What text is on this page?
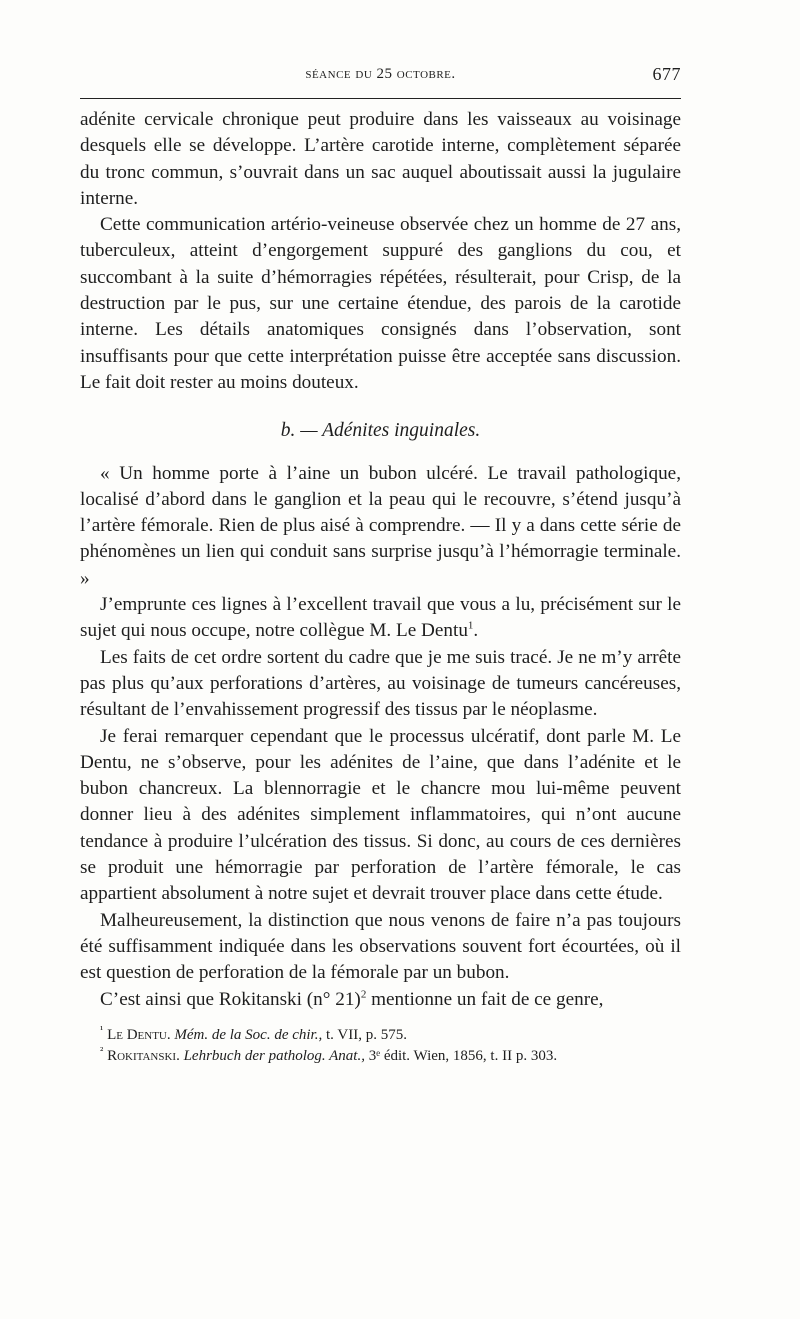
séance du 25 octobre.	677

adénite cervicale chronique peut produire dans les vaisseaux au voisinage desquels elle se développe. L’artère carotide interne, complètement séparée du tronc commun, s’ouvrait dans un sac auquel aboutissait aussi la jugulaire interne.

Cette communication artério-veineuse observée chez un homme de 27 ans, tuberculeux, atteint d’engorgement suppuré des ganglions du cou, et succombant à la suite d’hémorragies répétées, résulterait, pour Crisp, de la destruction par le pus, sur une certaine étendue, des parois de la carotide interne. Les détails anatomiques consignés dans l’observation, sont insuffisants pour que cette interprétation puisse être acceptée sans discussion. Le fait doit rester au moins douteux.

b. — Adénites inguinales.

« Un homme porte à l’aine un bubon ulcéré. Le travail pathologique, localisé d’abord dans le ganglion et la peau qui le recouvre, s’étend jusqu’à l’artère fémorale. Rien de plus aisé à comprendre. — Il y a dans cette série de phénomènes un lien qui conduit sans surprise jusqu’à l’hémorragie terminale. »

J’emprunte ces lignes à l’excellent travail que vous a lu, précisément sur le sujet qui nous occupe, notre collègue M. Le Dentu$^1$.

Les faits de cet ordre sortent du cadre que je me suis tracé. Je ne m’y arrête pas plus qu’aux perforations d’artères, au voisinage de tumeurs cancéreuses, résultant de l’envahissement progressif des tissus par le néoplasme.

Je ferai remarquer cependant que le processus ulcératif, dont parle M. Le Dentu, ne s’observe, pour les adénites de l’aine, que dans l’adénite et le bubon chancreux. La blennorragie et le chancre mou lui-même peuvent donner lieu à des adénites simplement inflammatoires, qui n’ont aucune tendance à produire l’ulcération des tissus. Si donc, au cours de ces dernières se produit une hémorragie par perforation de l’artère fémorale, le cas appartient absolument à notre sujet et devrait trouver place dans cette étude.

Malheureusement, la distinction que nous venons de faire n’a pas toujours été suffisamment indiquée dans les observations souvent fort écourtées, où il est question de perforation de la fémorale par un bubon.

C’est ainsi que Rokitanski (n° 21)$^2$ mentionne un fait de ce genre,

$^{^1}$ Le Dentu. Mém. de la Soc. de chir., t. VII, p. 575.

$^{^2}$ Rokitanski. Lehrbuch der patholog. Anat., 3ᵉ édit. Wien, 1856, t. II p. 303.
